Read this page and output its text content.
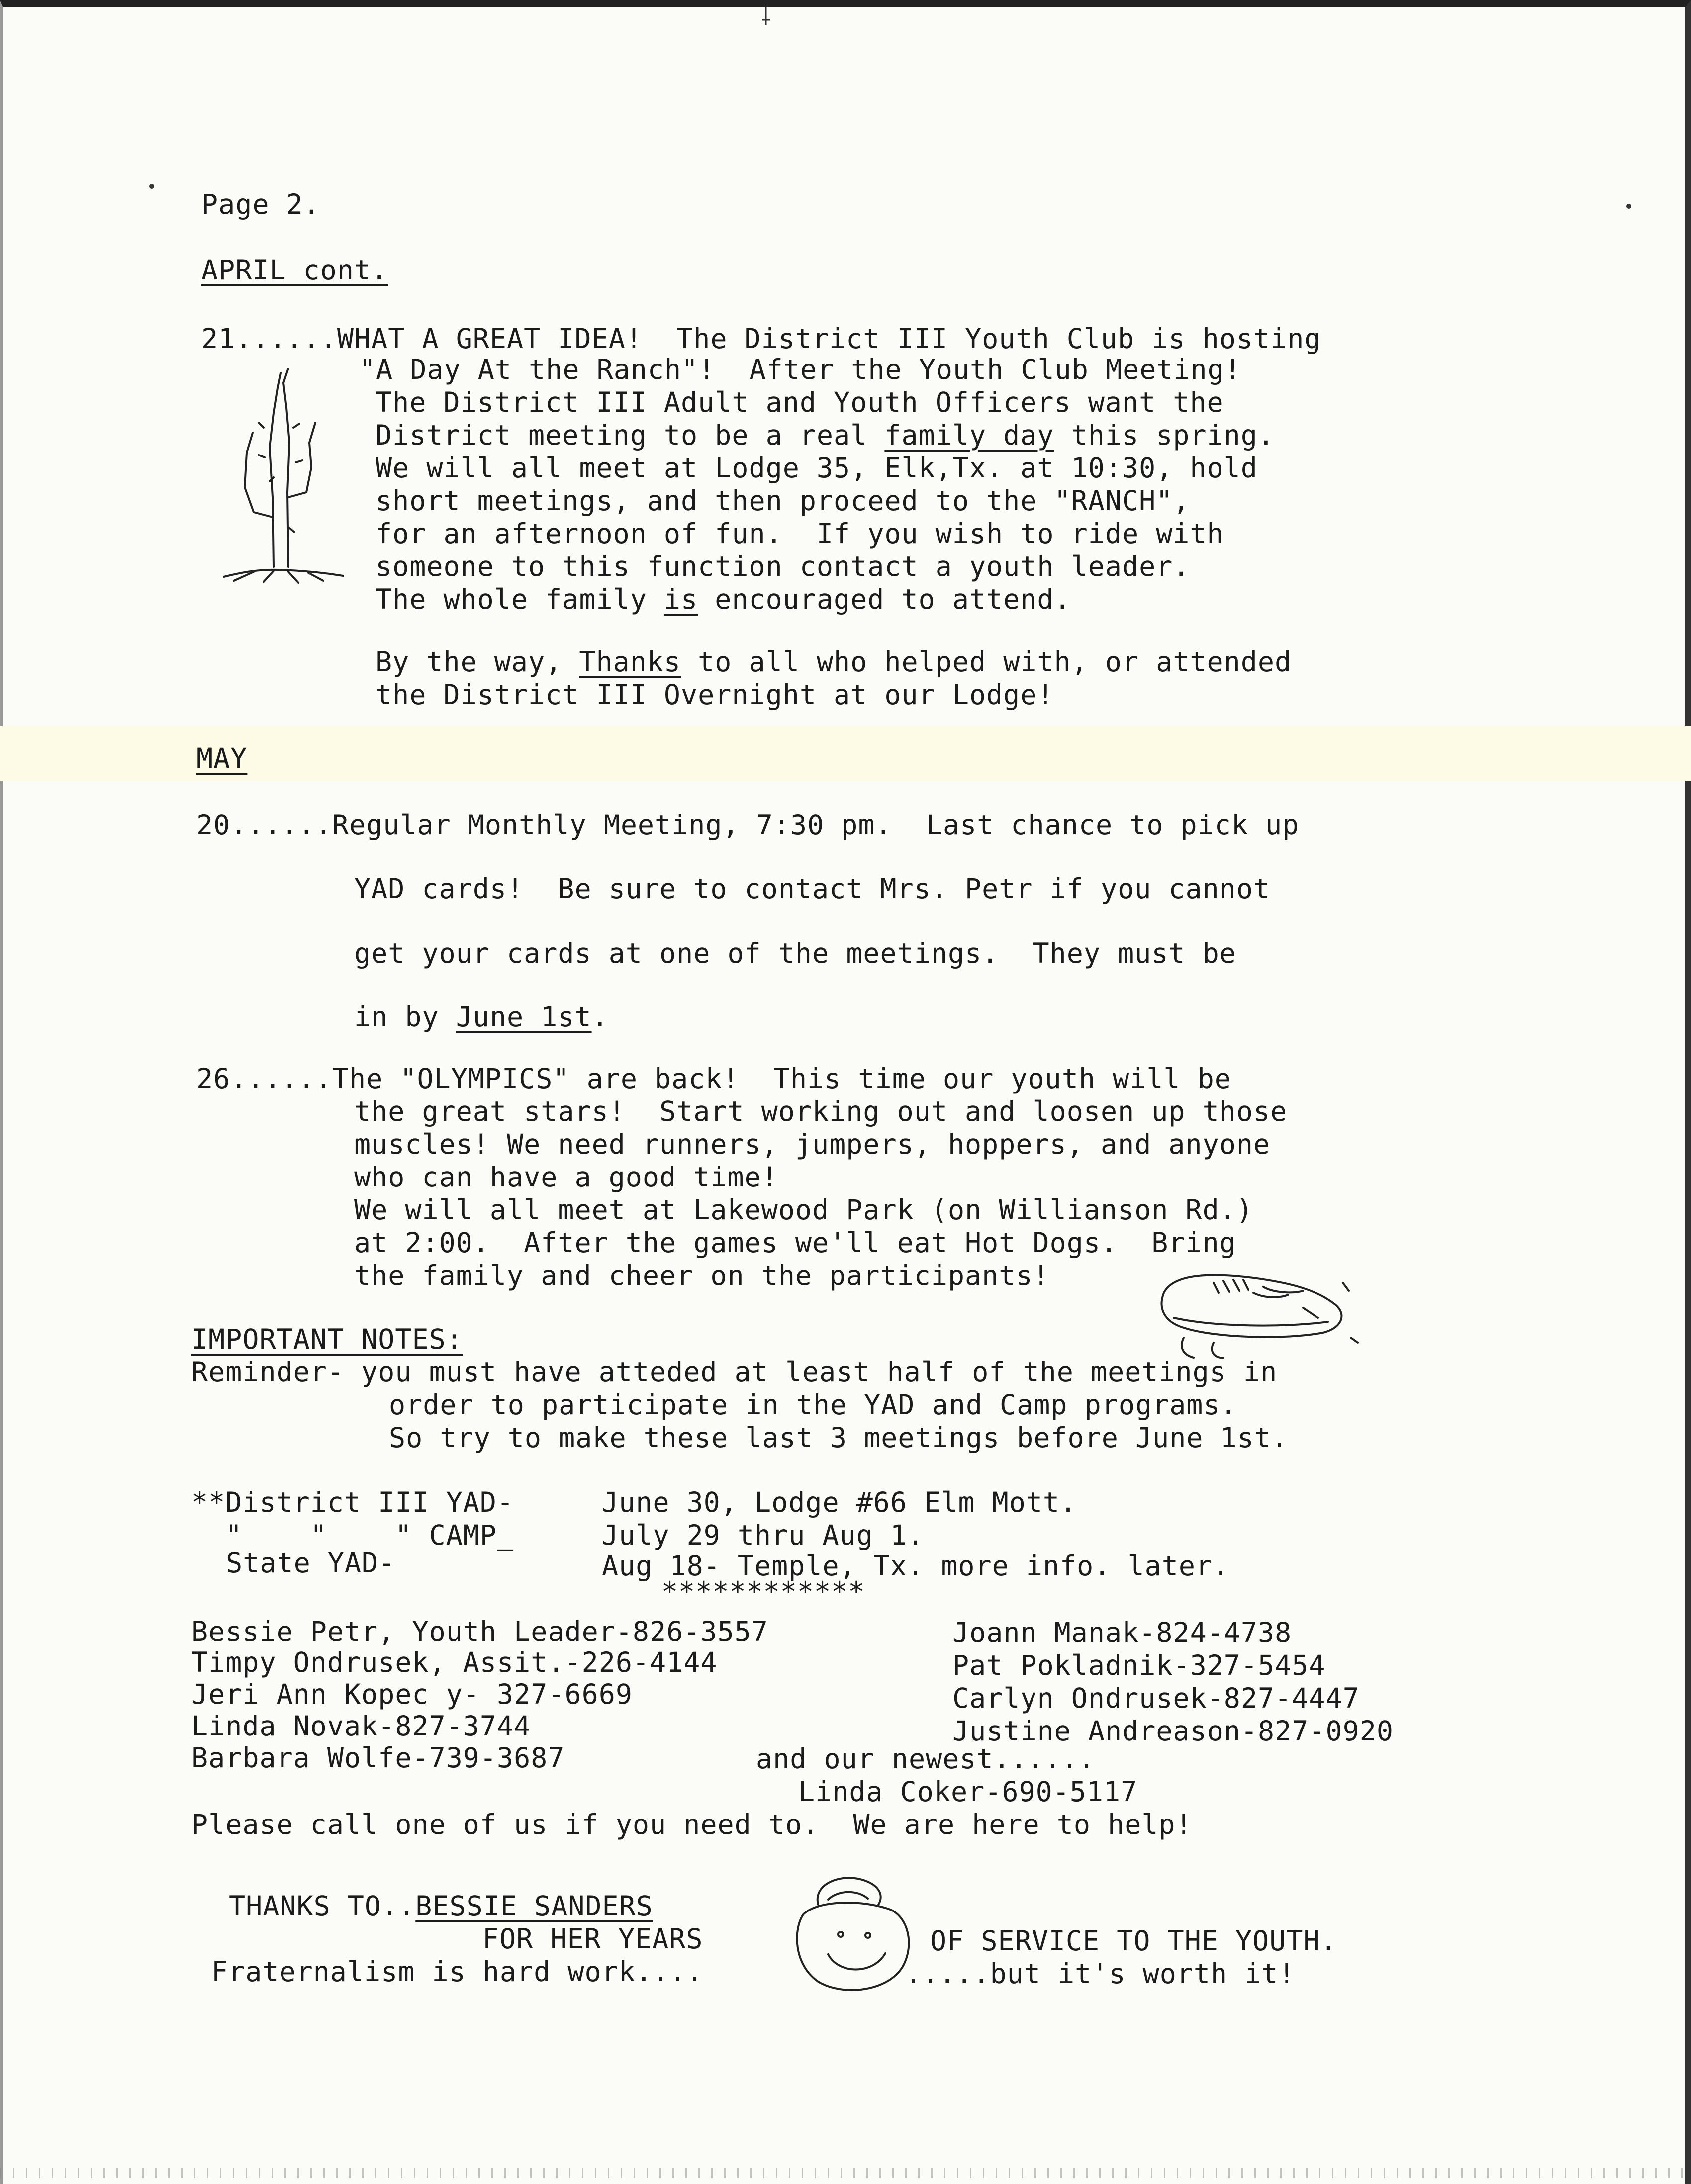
Page 2.
APRIL cont.
21......WHAT A GREAT IDEA!  The District III Youth Club is hosting
"A Day At the Ranch"!  After the Youth Club Meeting!
The District III Adult and Youth Officers want the
District meeting to be a real family day this spring.
We will all meet at Lodge 35, Elk,Tx. at 10:30, hold
short meetings, and then proceed to the "RANCH",
for an afternoon of fun.  If you wish to ride with
someone to this function contact a youth leader.
The whole family is encouraged to attend.
By the way, Thanks to all who helped with, or attended
the District III Overnight at our Lodge!
MAY
20......Regular Monthly Meeting, 7:30 pm.  Last chance to pick up
YAD cards!  Be sure to contact Mrs. Petr if you cannot
get your cards at one of the meetings.  They must be
in by June 1st.
26......The "OLYMPICS" are back!  This time our youth will be
the great stars!  Start working out and loosen up those
muscles! We need runners, jumpers, hoppers, and anyone
who can have a good time!
We will all meet at Lakewood Park (on Willianson Rd.)
at 2:00.  After the games we'll eat Hot Dogs.  Bring
the family and cheer on the participants!
IMPORTANT NOTES:
Reminder- you must have atteded at least half of the meetings in
order to participate in the YAD and Camp programs.
So try to make these last 3 meetings before June 1st.
**District III YAD-	June 30, Lodge #66 Elm Mott.
"    "    " CAMP_	July 29 thru Aug 1.
State YAD-	Aug 18- Temple, Tx. more info. later.
************
Bessie Petr, Youth Leader-826-3557
Timpy Ondrusek, Assit.-226-4144
Jeri Ann Kopec y- 327-6669
Linda Novak-827-3744
Barbara Wolfe-739-3687
Joann Manak-824-4738
Pat Pokladnik-327-5454
Carlyn Ondrusek-827-4447
Justine Andreason-827-0920
and our newest......
Linda Coker-690-5117
Please call one of us if you need to.  We are here to help!
THANKS TO..BESSIE SANDERS
FOR HER YEARS	OF SERVICE TO THE YOUTH.
Fraternalism is hard work....	.....but it's worth it!
